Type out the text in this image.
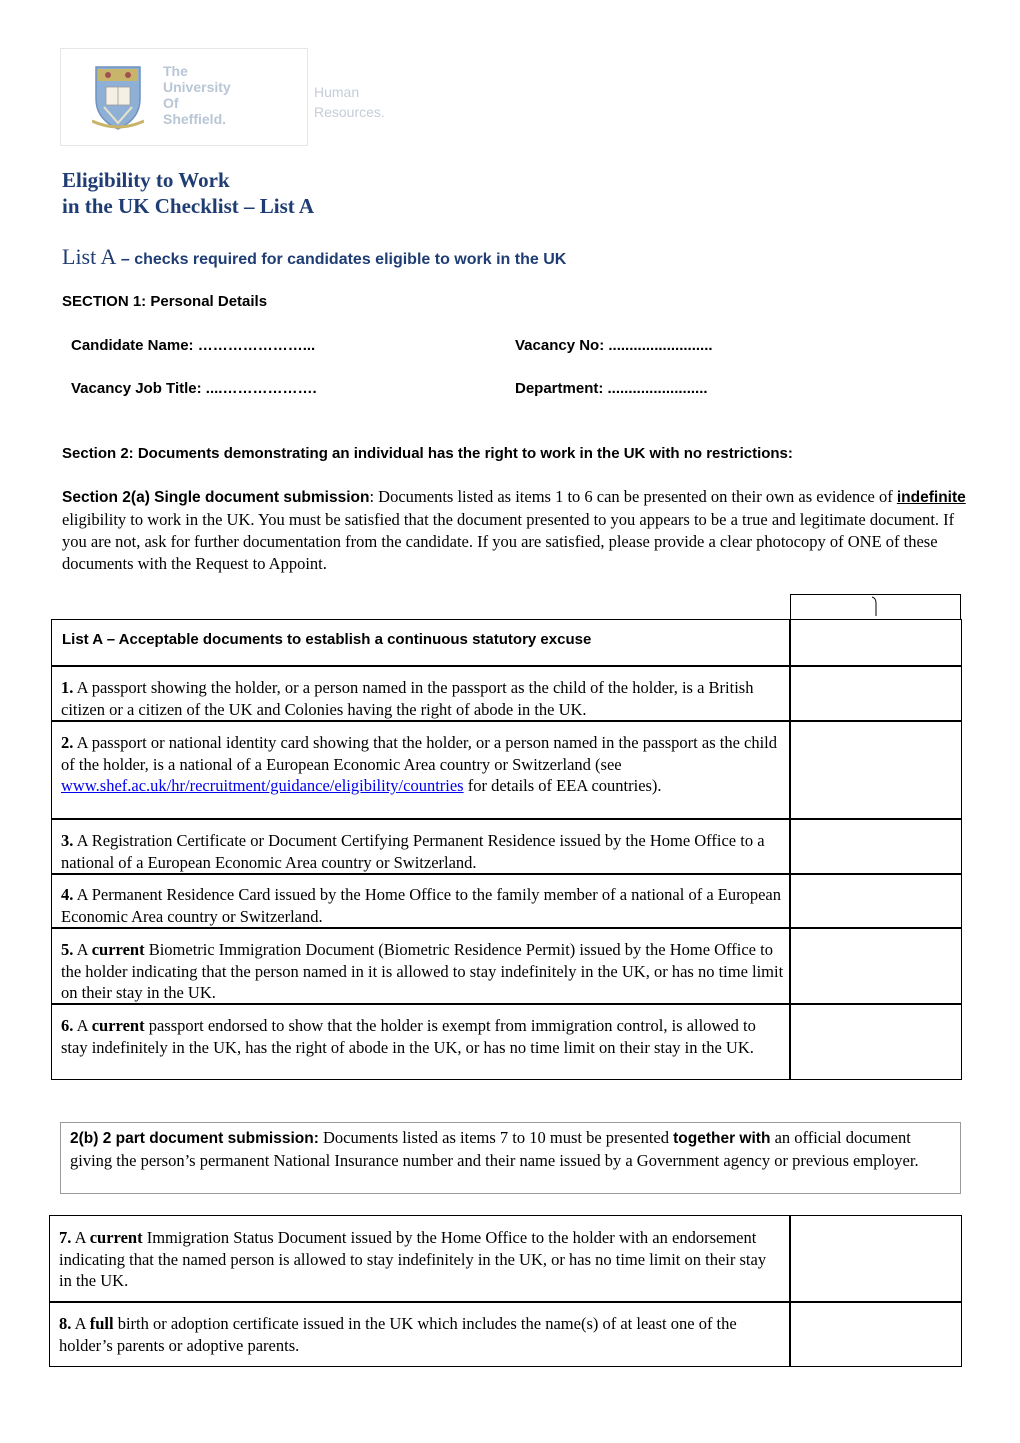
The
University
Of
Sheffield.
Human
Resources.
Eligibility to Work
in the UK Checklist – List A
List A – checks required for candidates eligible to work in the UK
SECTION 1: Personal Details
Candidate Name: …………………...	Vacancy No: .........................
Vacancy Job Title: ....……………….	Department: ........................
Section 2: Documents demonstrating an individual has the right to work in the UK with no restrictions:
Section 2(a) Single document submission: Documents listed as items 1 to 6 can be presented on their own as evidence of indefinite eligibility to work in the UK. You must be satisfied that the document presented to you appears to be a true and legitimate document. If you are not, ask for further documentation from the candidate. If you are satisfied, please provide a clear photocopy of ONE of these documents with the Request to Appoint.
List A – Acceptable documents to establish a continuous statutory excuse
1. A passport showing the holder, or a person named in the passport as the child of the holder, is a British citizen or a citizen of the UK and Colonies having the right of abode in the UK.
2. A passport or national identity card showing that the holder, or a person named in the passport as the child of the holder, is a national of a European Economic Area country or Switzerland (see www.shef.ac.uk/hr/recruitment/guidance/eligibility/countries for details of EEA countries).
3. A Registration Certificate or Document Certifying Permanent Residence issued by the Home Office to a national of a European Economic Area country or Switzerland.
4. A Permanent Residence Card issued by the Home Office to the family member of a national of a European Economic Area country or Switzerland.
5. A current Biometric Immigration Document (Biometric Residence Permit) issued by the Home Office to the holder indicating that the person named in it is allowed to stay indefinitely in the UK, or has no time limit on their stay in the UK.
6. A current passport endorsed to show that the holder is exempt from immigration control, is allowed to stay indefinitely in the UK, has the right of abode in the UK, or has no time limit on their stay in the UK.
2(b) 2 part document submission: Documents listed as items 7 to 10 must be presented together with an official document giving the person’s permanent National Insurance number and their name issued by a Government agency or previous employer.
7. A current Immigration Status Document issued by the Home Office to the holder with an endorsement indicating that the named person is allowed to stay indefinitely in the UK, or has no time limit on their stay in the UK.
8. A full birth or adoption certificate issued in the UK which includes the name(s) of at least one of the holder’s parents or adoptive parents.
